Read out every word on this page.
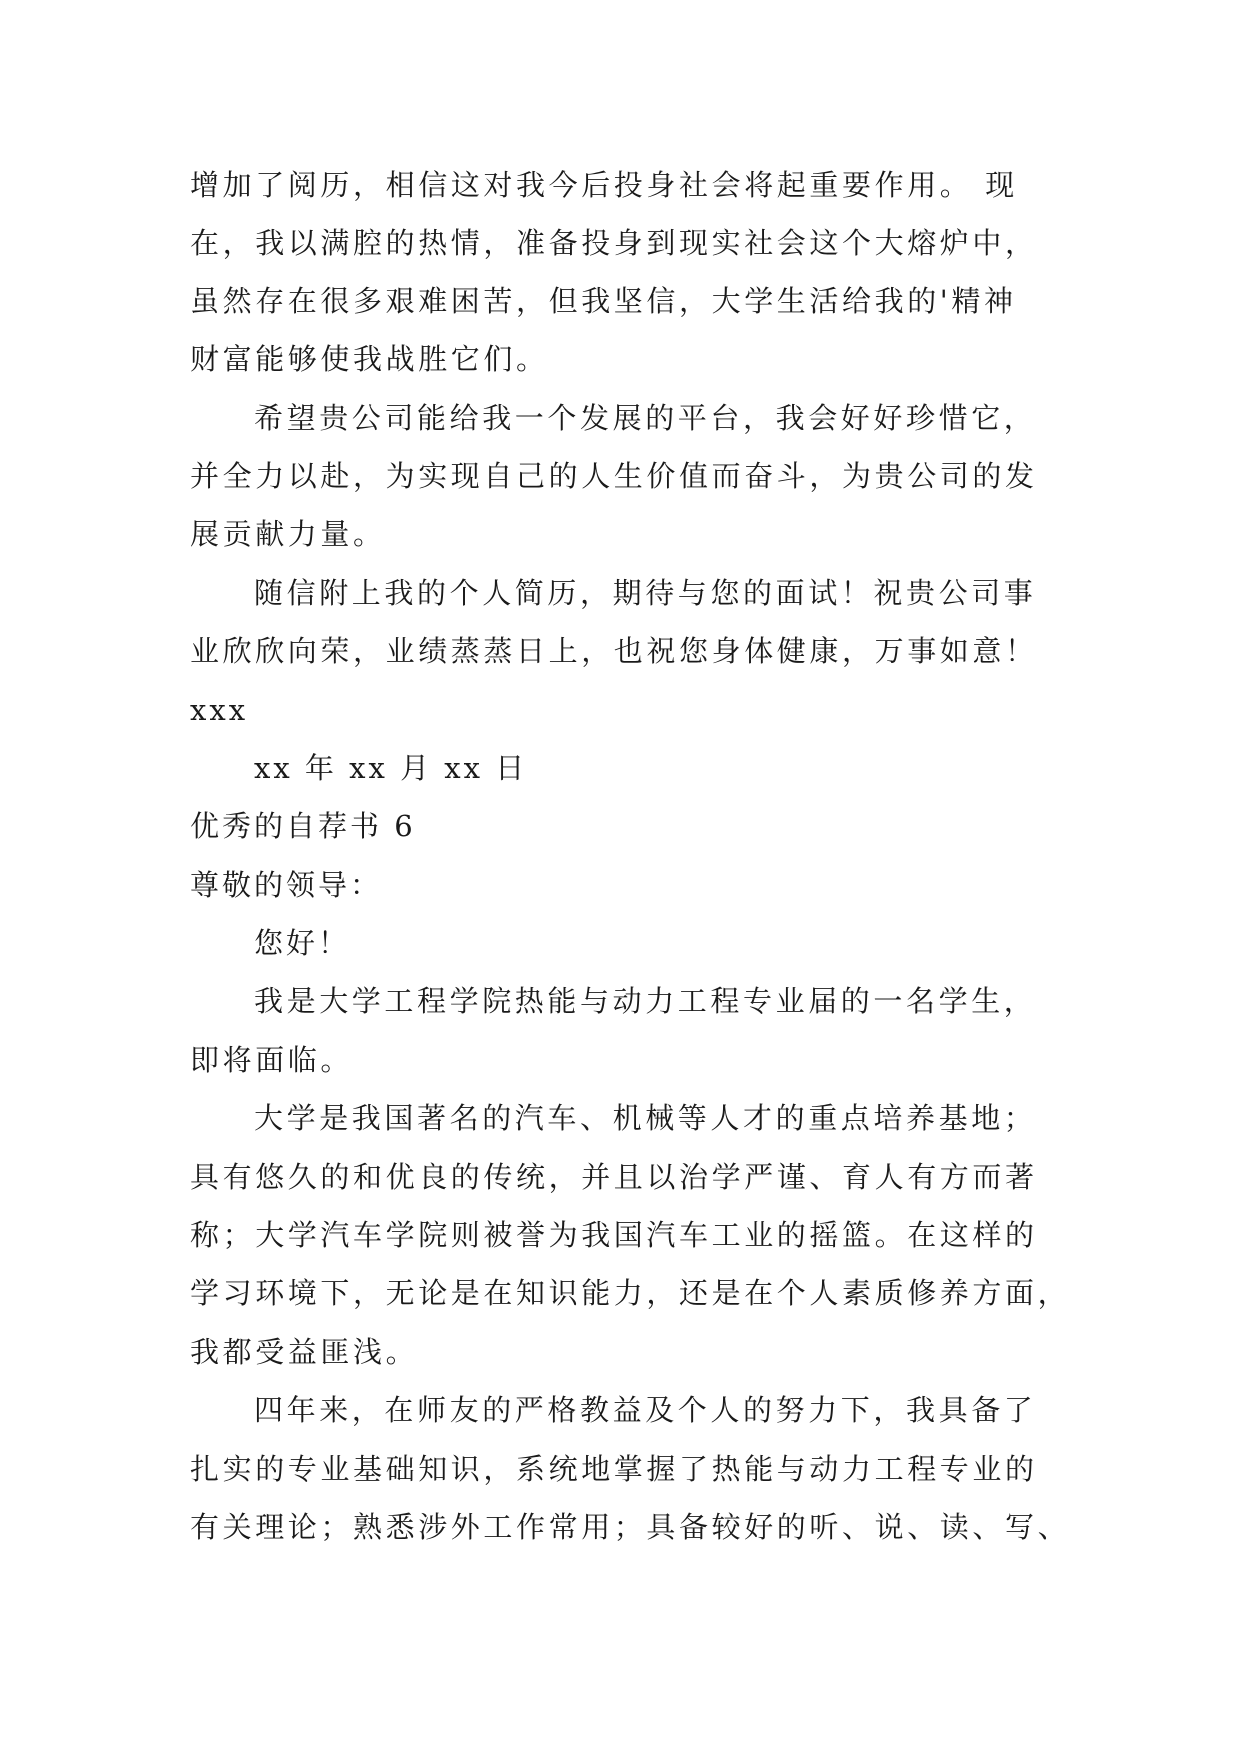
增加了阅历，相信这对我今后投身社会将起重要作用。 现
在，我以满腔的热情，准备投身到现实社会这个大熔炉中，
虽然存在很多艰难困苦，但我坚信，大学生活给我的'精神
财富能够使我战胜它们。
希望贵公司能给我一个发展的平台，我会好好珍惜它，
并全力以赴，为实现自己的人生价值而奋斗，为贵公司的发
展贡献力量。
随信附上我的个人简历，期待与您的面试！祝贵公司事
业欣欣向荣，业绩蒸蒸日上，也祝您身体健康，万事如意！
xxx
xx 年 xx 月 xx 日
优秀的自荐书 6
尊敬的领导：
您好！
我是大学工程学院热能与动力工程专业届的一名学生，
即将面临。
大学是我国著名的汽车、机械等人才的重点培养基地；
具有悠久的和优良的传统，并且以治学严谨、育人有方而著
称；大学汽车学院则被誉为我国汽车工业的摇篮。在这样的
学习环境下，无论是在知识能力，还是在个人素质修养方面，
我都受益匪浅。
四年来，在师友的严格教益及个人的努力下，我具备了
扎实的专业基础知识，系统地掌握了热能与动力工程专业的
有关理论；熟悉涉外工作常用；具备较好的听、说、读、写、
